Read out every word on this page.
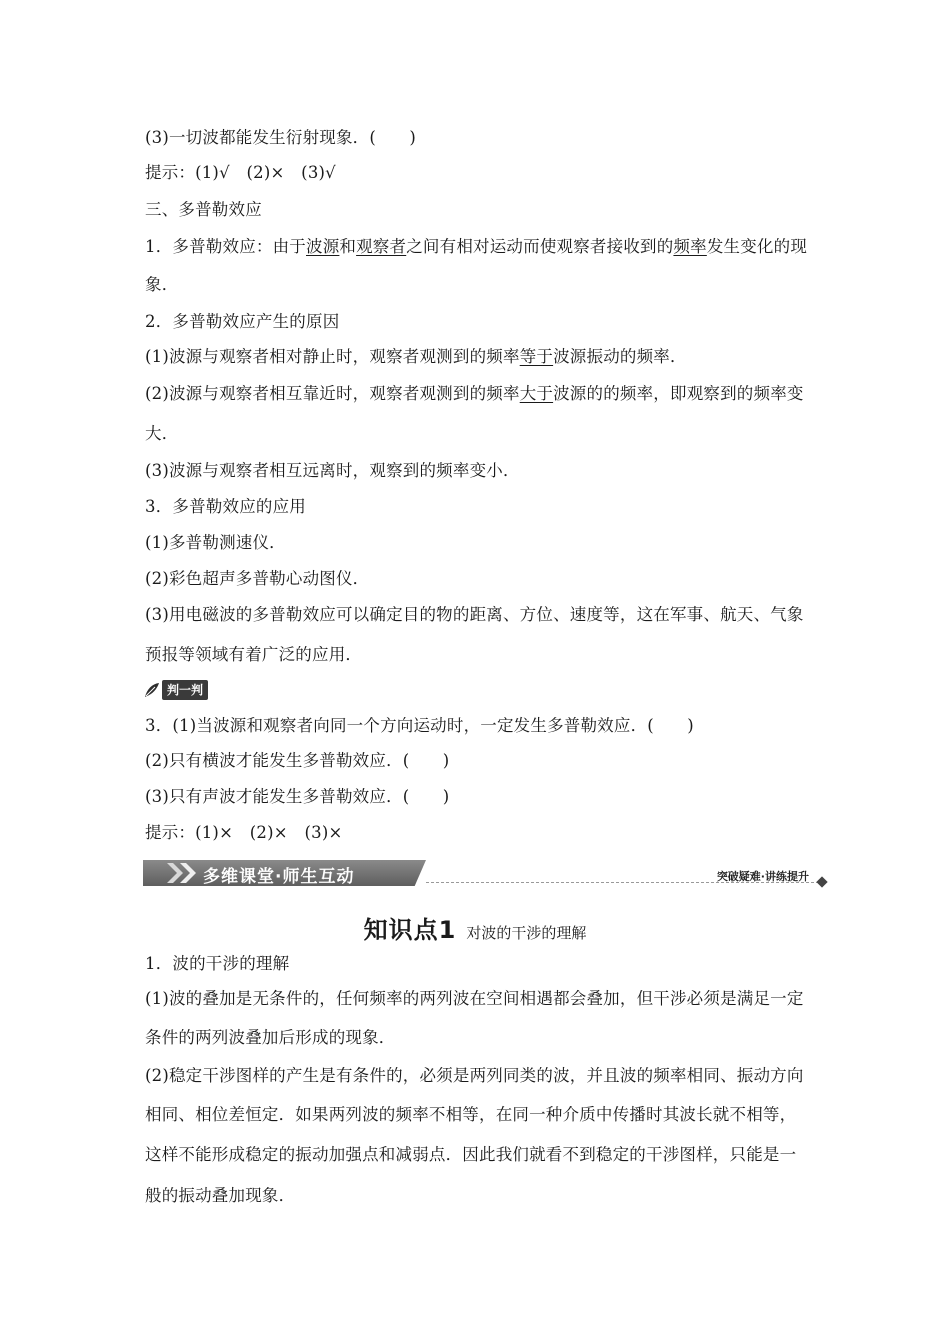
(3)一切波都能发生衍射现象．(　　)
提示：(1)√　(2)×　(3)√
三、多普勒效应
1．多普勒效应：由于波源和观察者之间有相对运动而使观察者接收到的频率发生变化的现
象．
2．多普勒效应产生的原因
(1)波源与观察者相对静止时，观察者观测到的频率等于波源振动的频率．
(2)波源与观察者相互靠近时，观察者观测到的频率大于波源的的频率，即观察到的频率变
大．
(3)波源与观察者相互远离时，观察到的频率变小．
3．多普勒效应的应用
(1)多普勒测速仪．
(2)彩色超声多普勒心动图仪．
(3)用电磁波的多普勒效应可以确定目的物的距离、方位、速度等，这在军事、航天、气象
预报等领域有着广泛的应用．
判一判
3．(1)当波源和观察者向同一个方向运动时，一定发生多普勒效应．(　　)
(2)只有横波才能发生多普勒效应．(　　)
(3)只有声波才能发生多普勒效应．(　　)
提示：(1)×　(2)×　(3)×
多维课堂·师生互动	突破疑难·讲练提升
知识点1 对波的干涉的理解
1．波的干涉的理解
(1)波的叠加是无条件的，任何频率的两列波在空间相遇都会叠加，但干涉必须是满足一定
条件的两列波叠加后形成的现象．
(2)稳定干涉图样的产生是有条件的，必须是两列同类的波，并且波的频率相同、振动方向
相同、相位差恒定．如果两列波的频率不相等，在同一种介质中传播时其波长就不相等，
这样不能形成稳定的振动加强点和减弱点．因此我们就看不到稳定的干涉图样，只能是一
般的振动叠加现象．
